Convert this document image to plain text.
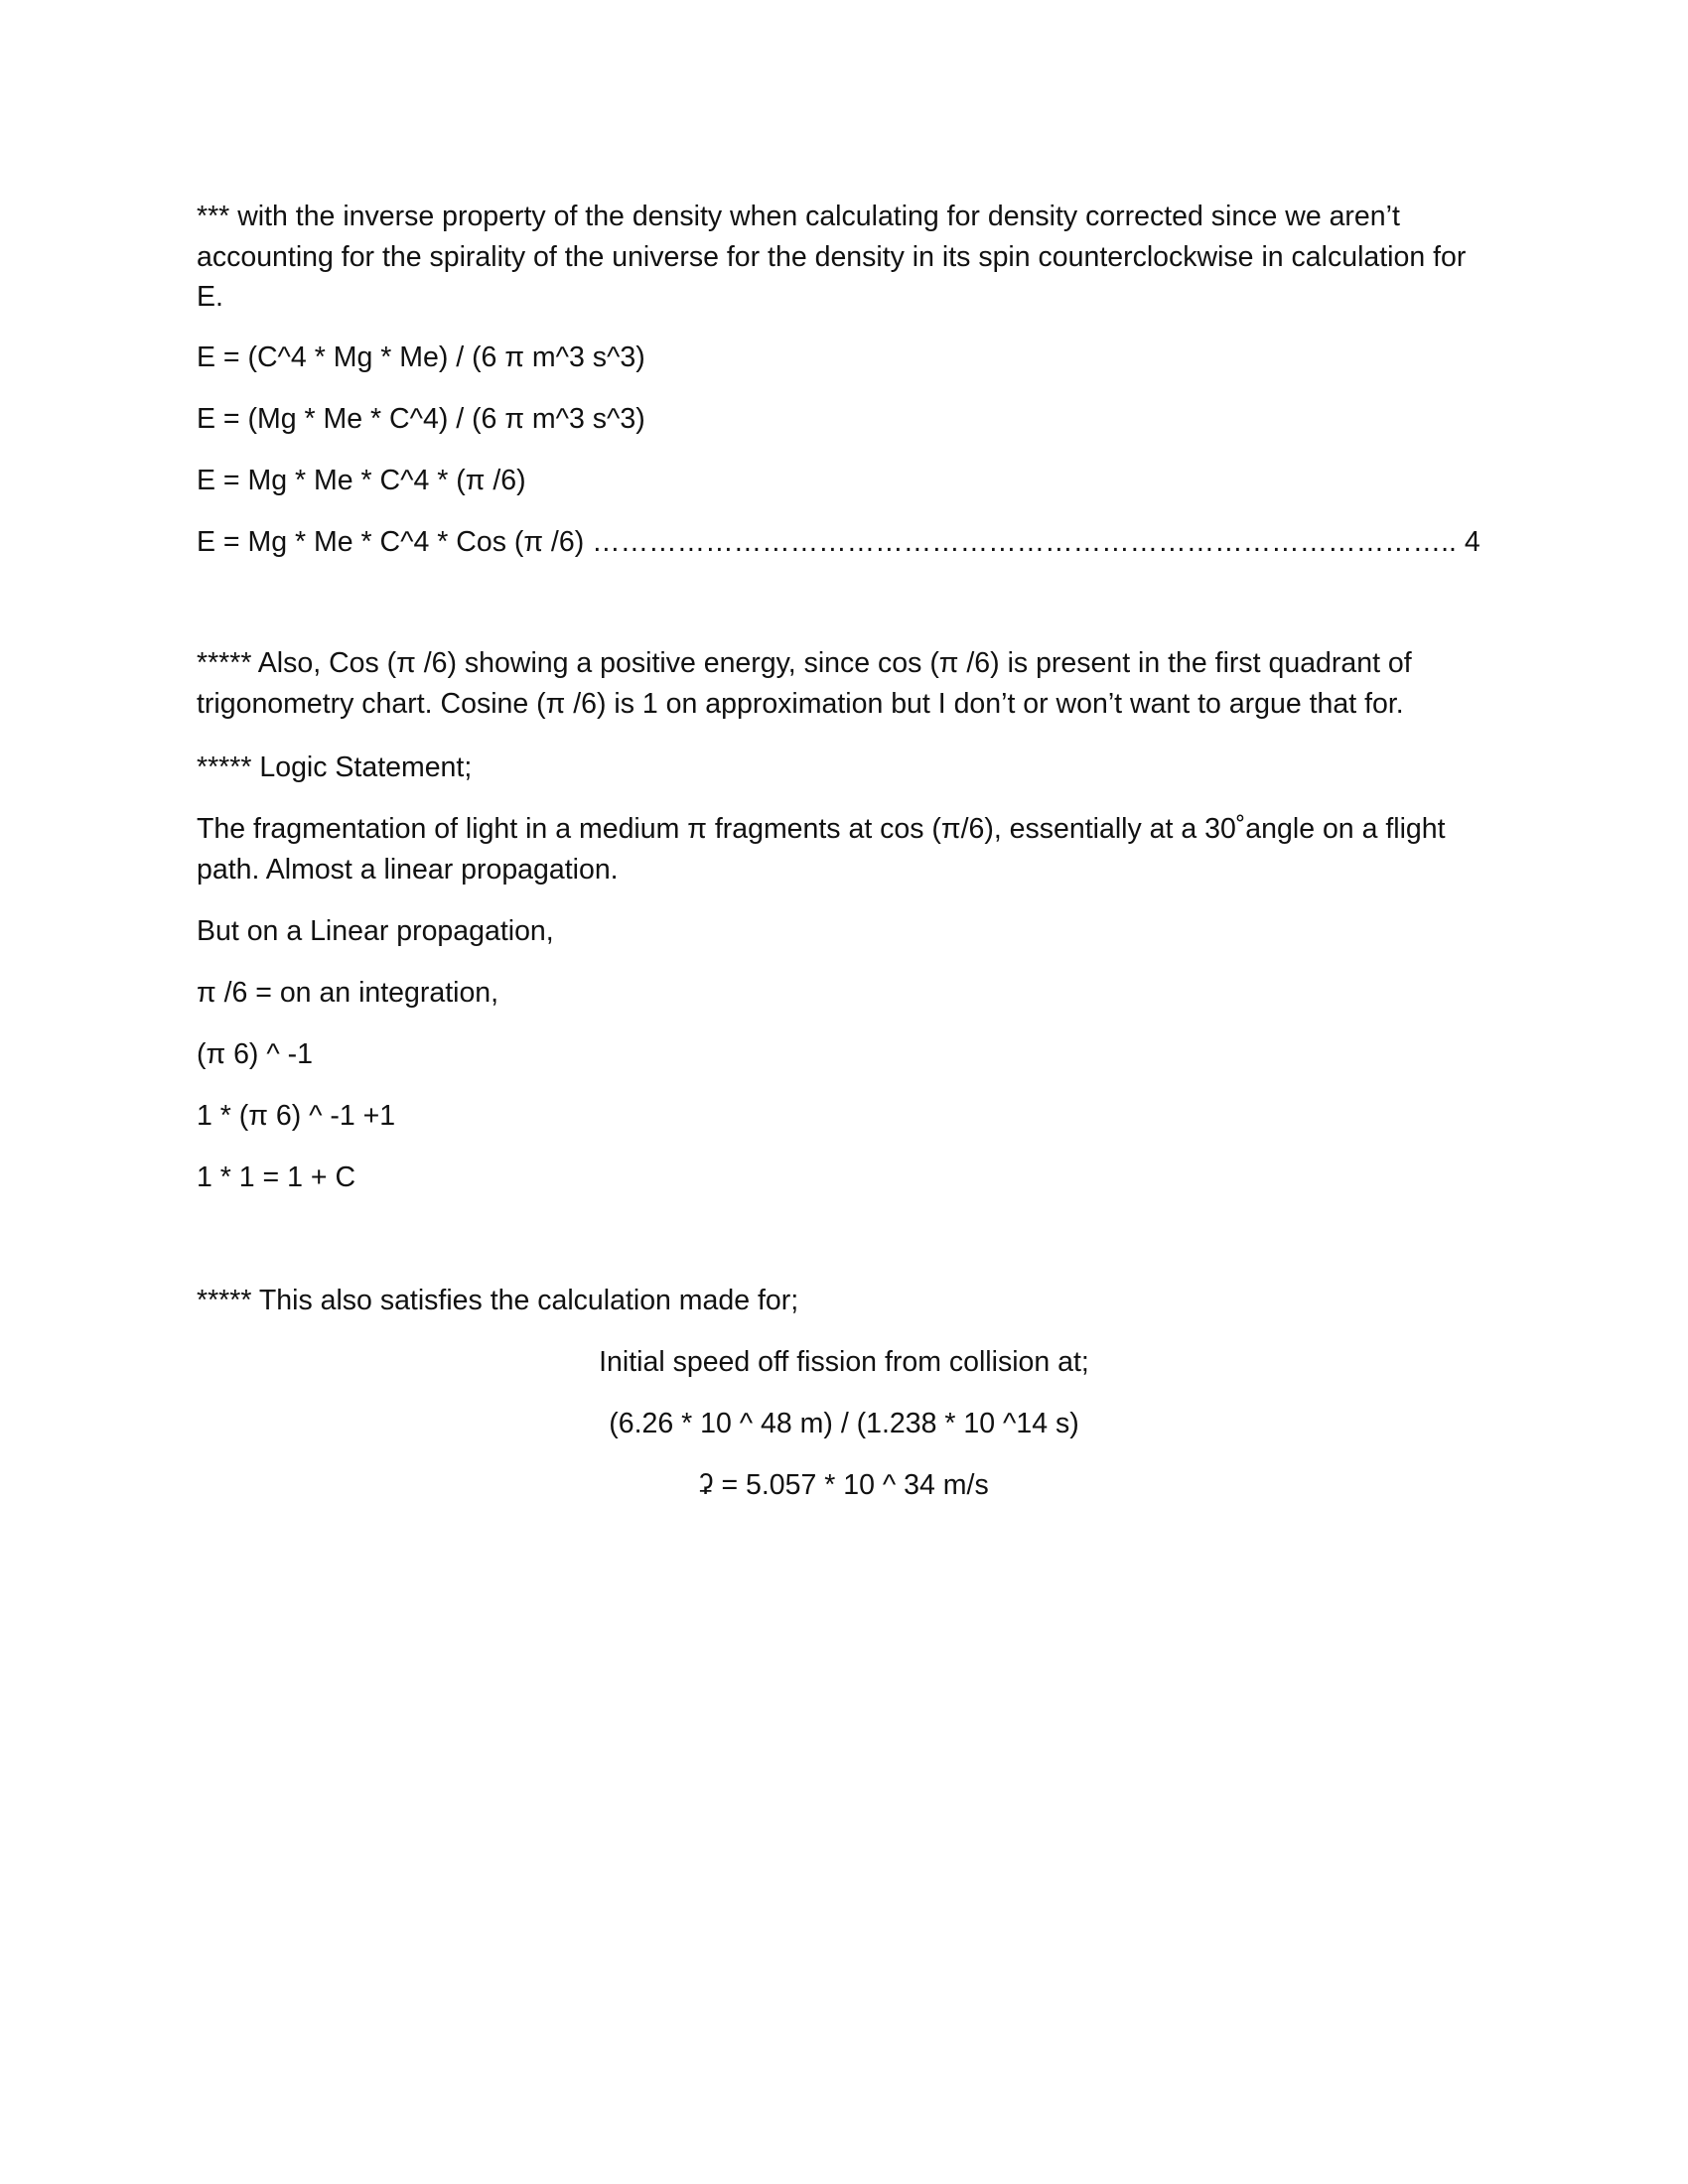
*** with the inverse property of the density when calculating for density corrected since we aren’t
accounting for the spirality of the universe for the density in its spin counterclockwise in calculation for
E.
E = (C^4 * Mg * Me) / (6 π m^3 s^3)
E = (Mg * Me * C^4) / (6 π m^3 s^3)
E = Mg * Me * C^4 * (π /6)
E = Mg * Me * C^4 * Cos (π /6) ……………………………………………………………………………….. 4
***** Also, Cos (π /6) showing a positive energy, since cos (π /6) is present in the first quadrant of
trigonometry chart. Cosine (π /6) is 1 on approximation but I don’t or won’t want to argue that for.
***** Logic Statement;
The fragmentation of light in a medium π fragments at cos (π/6), essentially at a 30˚angle on a flight
path. Almost a linear propagation.
But on a Linear propagation,
π /6 = on an integration,
(π 6) ^ -1
1 * (π 6) ^ -1 +1
1 * 1 = 1 + C
***** This also satisfies the calculation made for;
Initial speed off fission from collision at;
(6.26 * 10 ^ 48 m) / (1.238 * 10 ^14 s)
ʡ = 5.057 * 10 ^ 34 m/s
